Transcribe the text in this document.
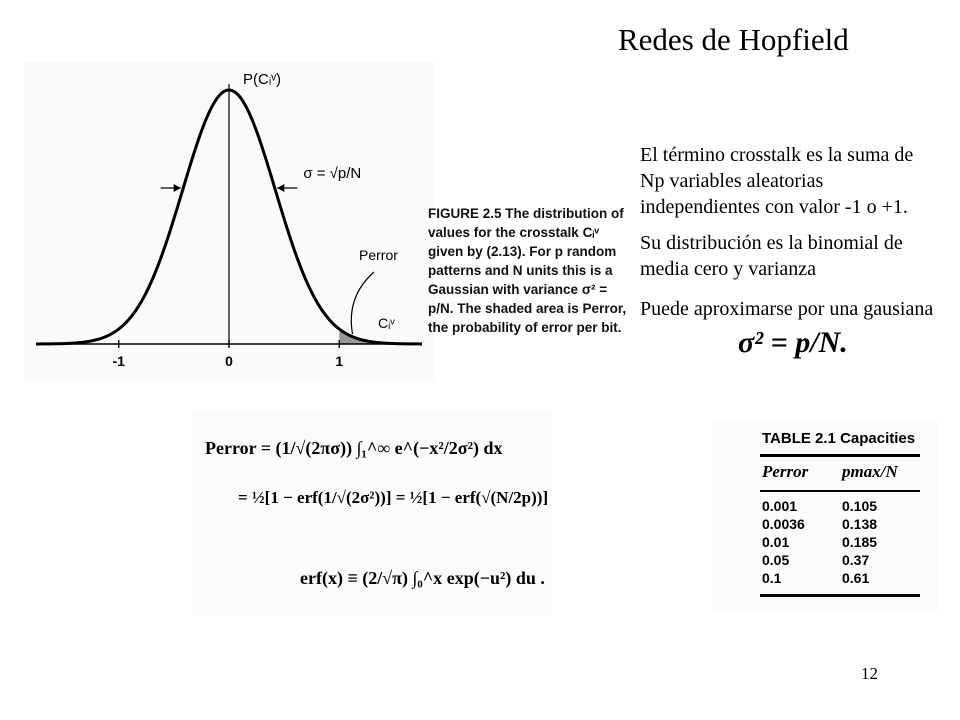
Redes de Hopfield
-1	0	1
P(Cᵢᵛ)
σ = √p/N
Perror
Cᵢᵛ
FIGURE 2.5 The distribution of values for the crosstalk Cᵢᵛ given by (2.13). For p random patterns and N units this is a Gaussian with variance σ² = p/N. The shaded area is Perror, the probability of error per bit.

El término crosstalk es la suma de Np variables aleatorias independientes con valor -1 o +1.

Su distribución es la binomial de media cero y varianza

Puede aproximarse por una gausiana

σ² = p/N.
Perror = (1/√(2πσ)) ∫₁^∞ e^(−x²/2σ²) dx
= ½[1 − erf(1/√(2σ²))] = ½[1 − erf(√(N/2p))]
erf(x) ≡ (2/√π) ∫₀^x exp(−u²) du .
TABLE 2.1 Capacities
Perror pmax/N
0.001	0.105
0.0036	0.138
0.01	0.185
0.05	0.37
0.1	0.61
12
